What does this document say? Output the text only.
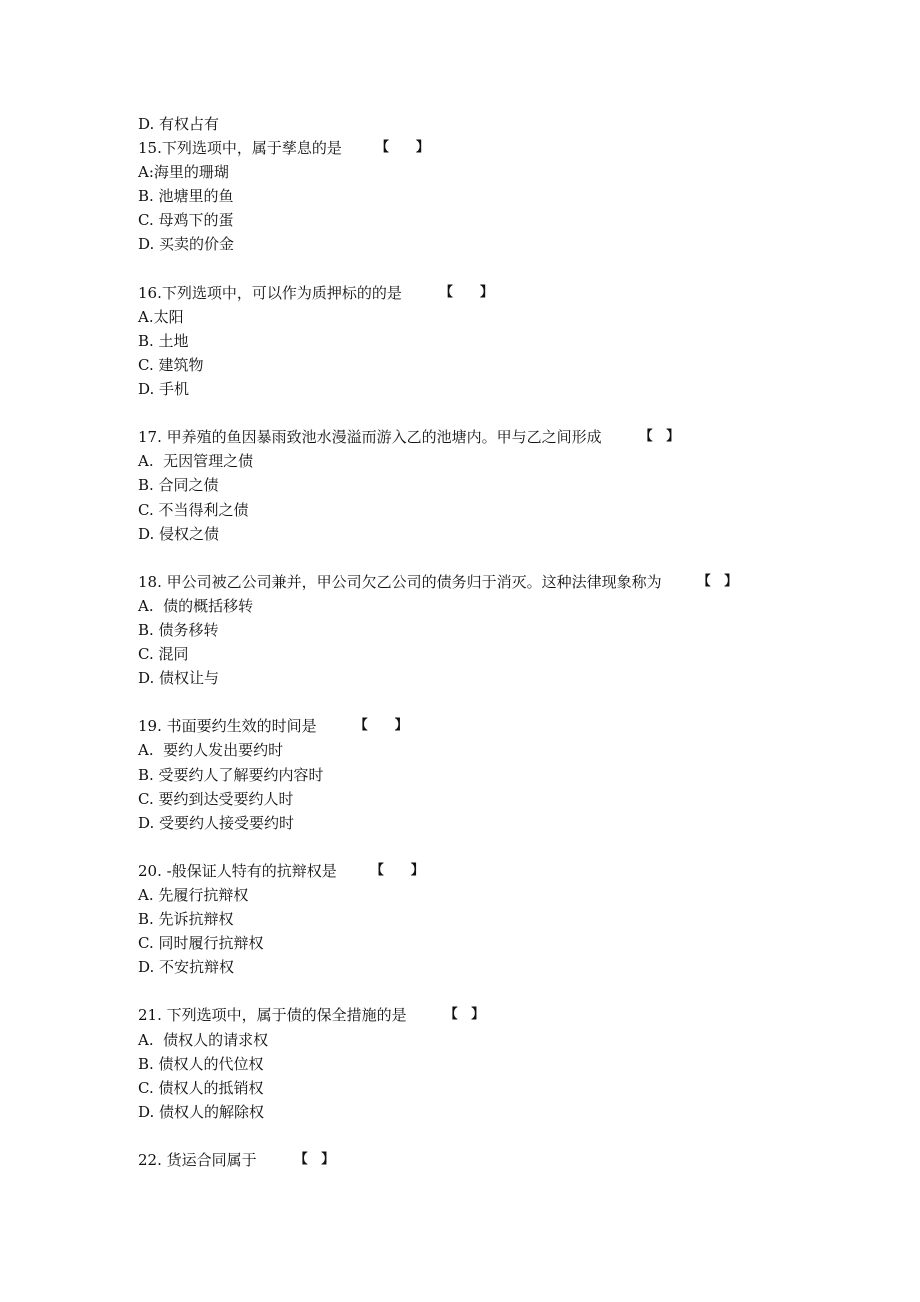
D. 有权占有
15.下列选项中，属于孳息的是	【      】
A:海里的珊瑚
B. 池塘里的鱼
C. 母鸡下的蛋
D. 买卖的价金
16.下列选项中，可以作为质押标的的是	【      】
A.太阳
B. 土地
C. 建筑物
D. 手机
17. 甲养殖的鱼因暴雨致池水漫溢而游入乙的池塘内。甲与乙之间形成	【   】
A.  无因管理之债
B. 合同之债
C. 不当得利之债
D. 侵权之债
18. 甲公司被乙公司兼并，甲公司欠乙公司的债务归于消灭。这种法律现象称为	【   】
A.  债的概括移转
B. 债务移转
C. 混同
D. 债权让与
19. 书面要约生效的时间是	【      】
A.  要约人发出要约时
B. 受要约人了解要约内容时
C. 要约到达受要约人时
D. 受要约人接受要约时
20. -般保证人特有的抗辩权是	【      】
A. 先履行抗辩权
B. 先诉抗辩权
C. 同时履行抗辩权
D. 不安抗辩权
21. 下列选项中，属于债的保全措施的是	【   】
A.  债权人的请求权
B. 债权人的代位权
C. 债权人的抵销权
D. 债权人的解除权
22. 货运合同属于	【   】
